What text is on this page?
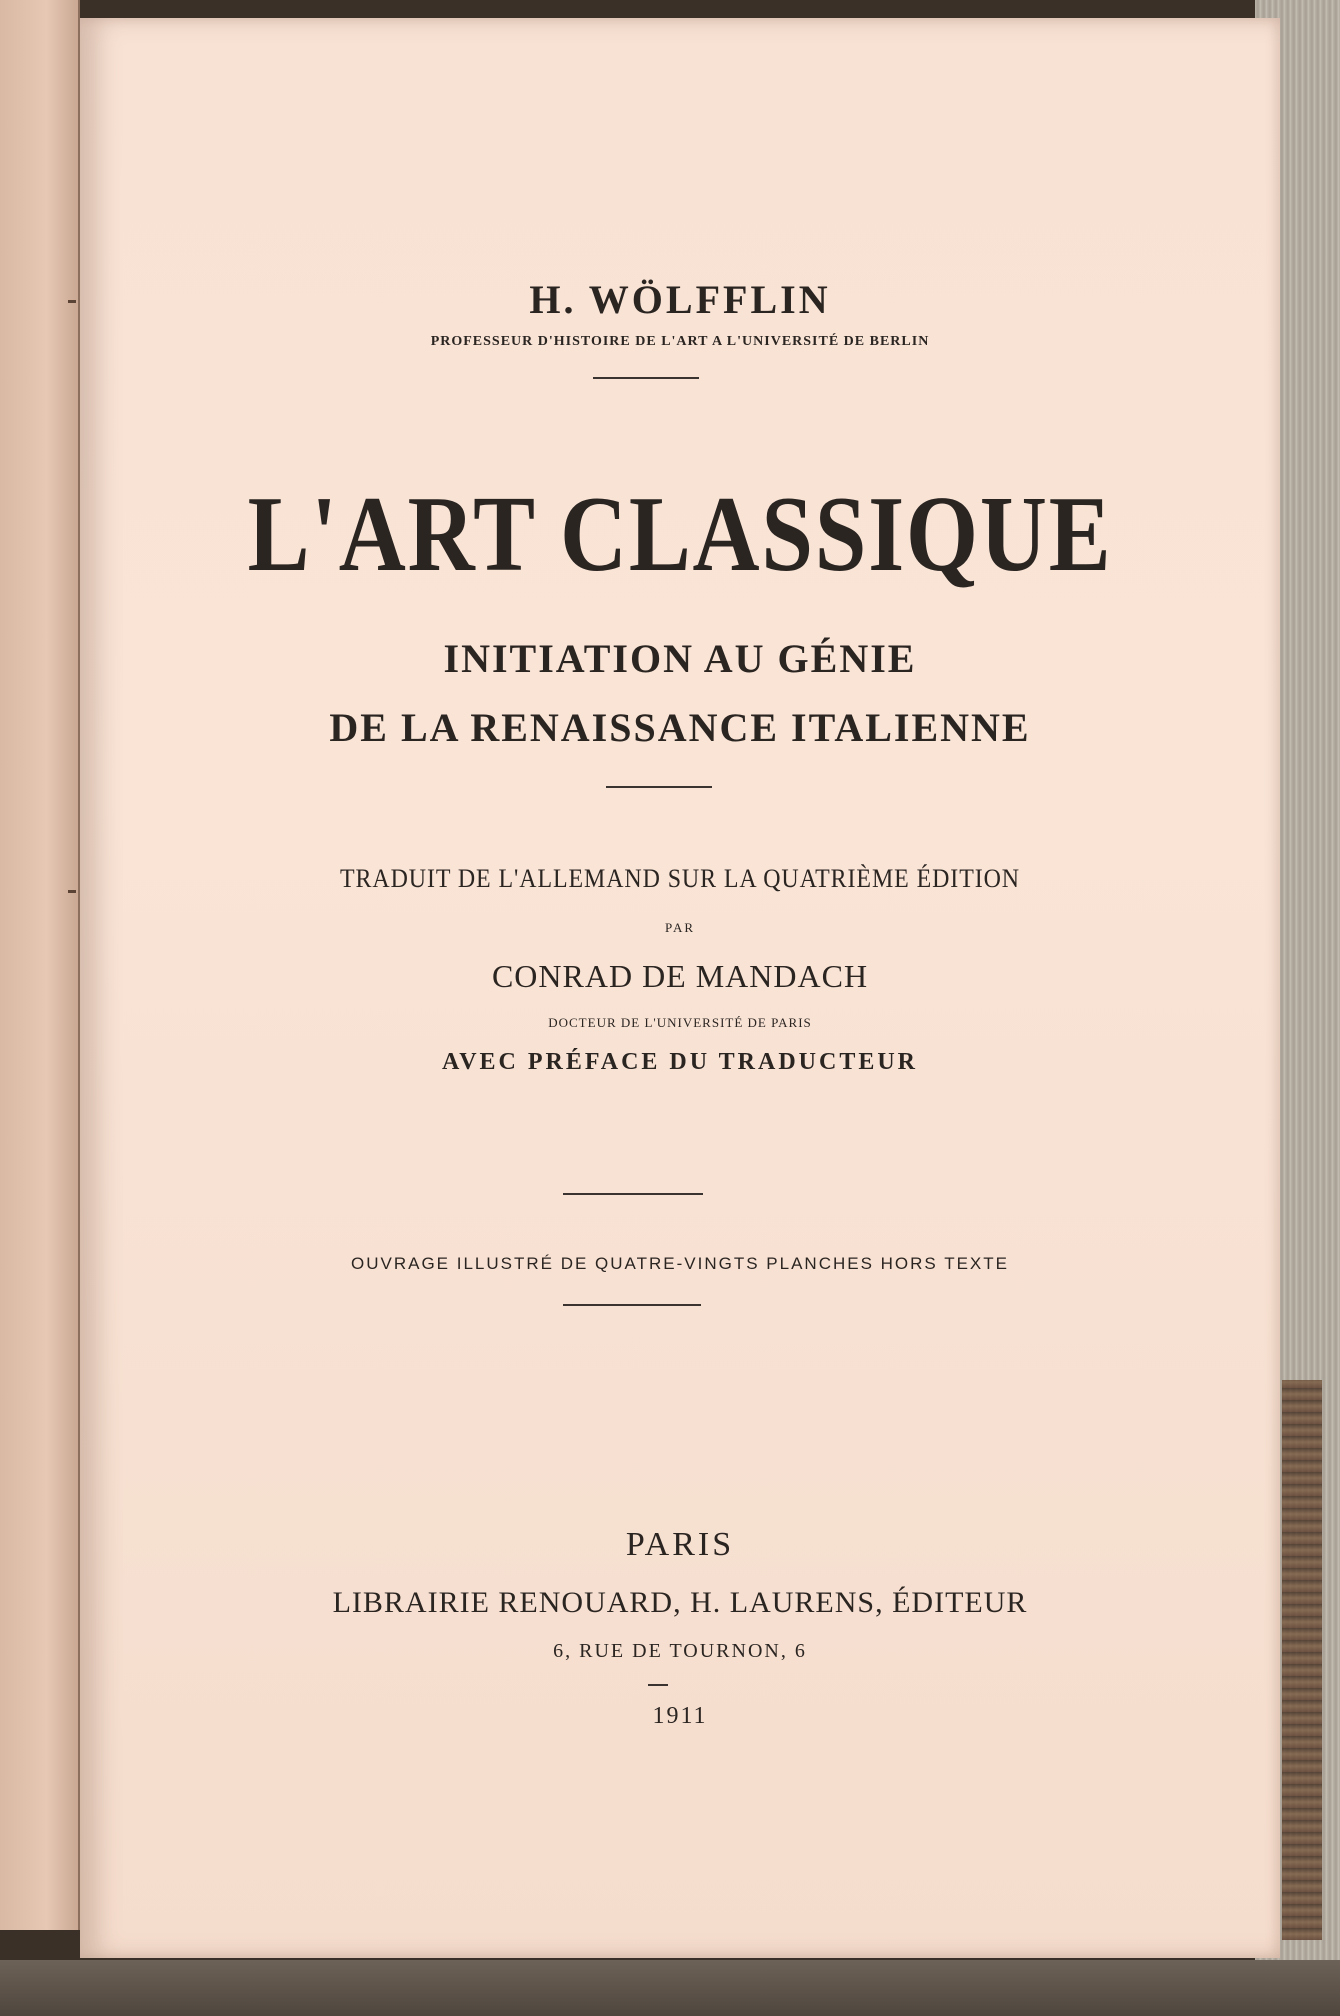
H. WÖLFFLIN
PROFESSEUR D'HISTOIRE DE L'ART A L'UNIVERSITÉ DE BERLIN
L'ART CLASSIQUE
INITIATION AU GÉNIE
DE LA RENAISSANCE ITALIENNE
TRADUIT DE L'ALLEMAND SUR LA QUATRIÈME ÉDITION
PAR
CONRAD DE MANDACH
DOCTEUR DE L'UNIVERSITÉ DE PARIS
AVEC PRÉFACE DU TRADUCTEUR
OUVRAGE ILLUSTRÉ DE QUATRE-VINGTS PLANCHES HORS TEXTE
PARIS
LIBRAIRIE RENOUARD, H. LAURENS, ÉDITEUR
6, RUE DE TOURNON, 6
1911
